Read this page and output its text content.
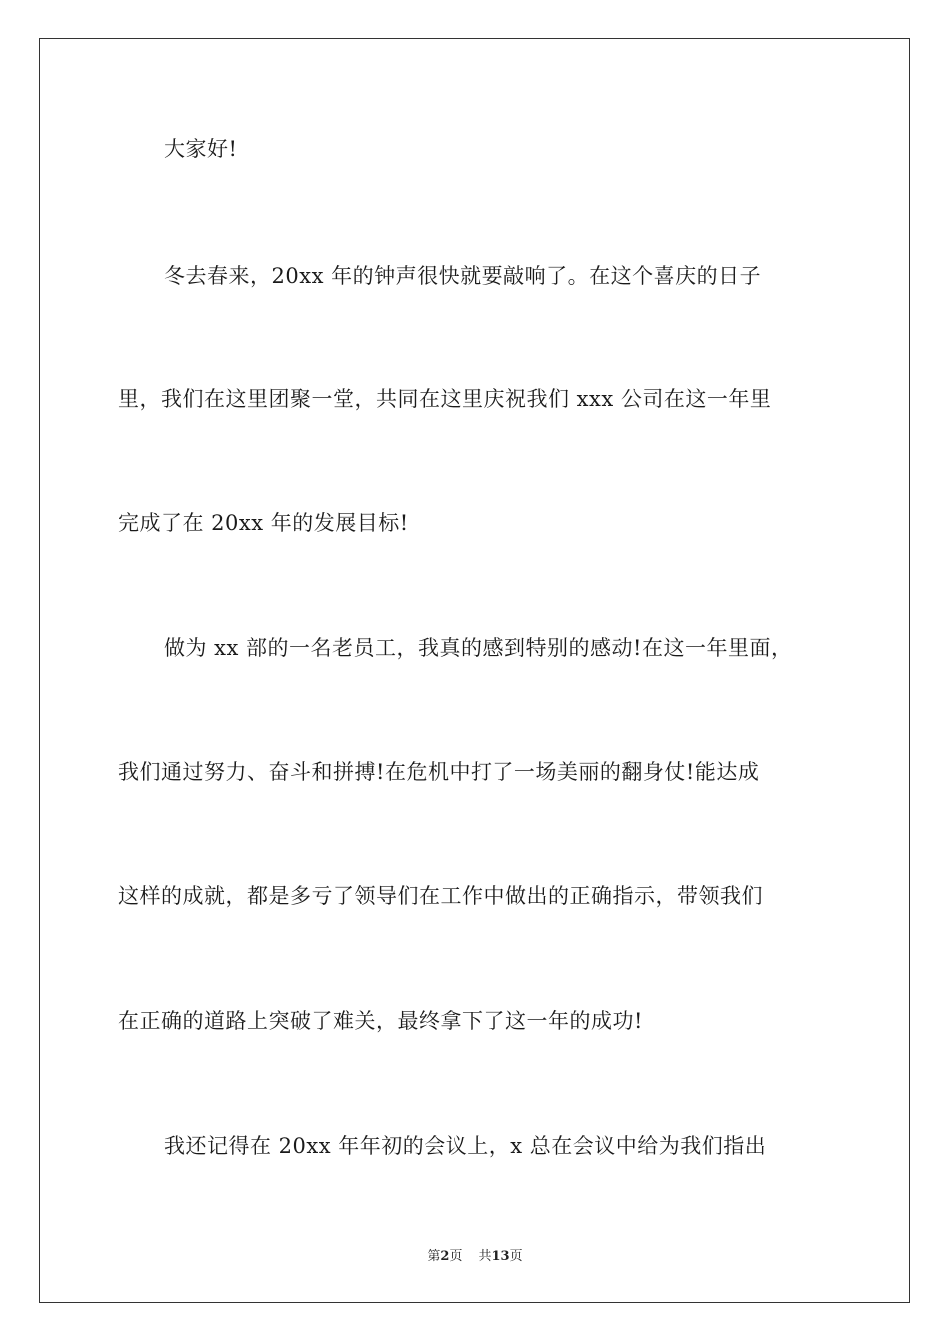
大家好!
冬去春来，20xx 年的钟声很快就要敲响了。在这个喜庆的日子
里，我们在这里团聚一堂，共同在这里庆祝我们 xxx 公司在这一年里
完成了在 20xx 年的发展目标!
做为 xx 部的一名老员工，我真的感到特别的感动!在这一年里面，
我们通过努力、奋斗和拼搏!在危机中打了一场美丽的翻身仗!能达成
这样的成就，都是多亏了领导们在工作中做出的正确指示，带领我们
在正确的道路上突破了难关，最终拿下了这一年的成功!
我还记得在 20xx 年年初的会议上，x 总在会议中给为我们指出
第2页 共13页
